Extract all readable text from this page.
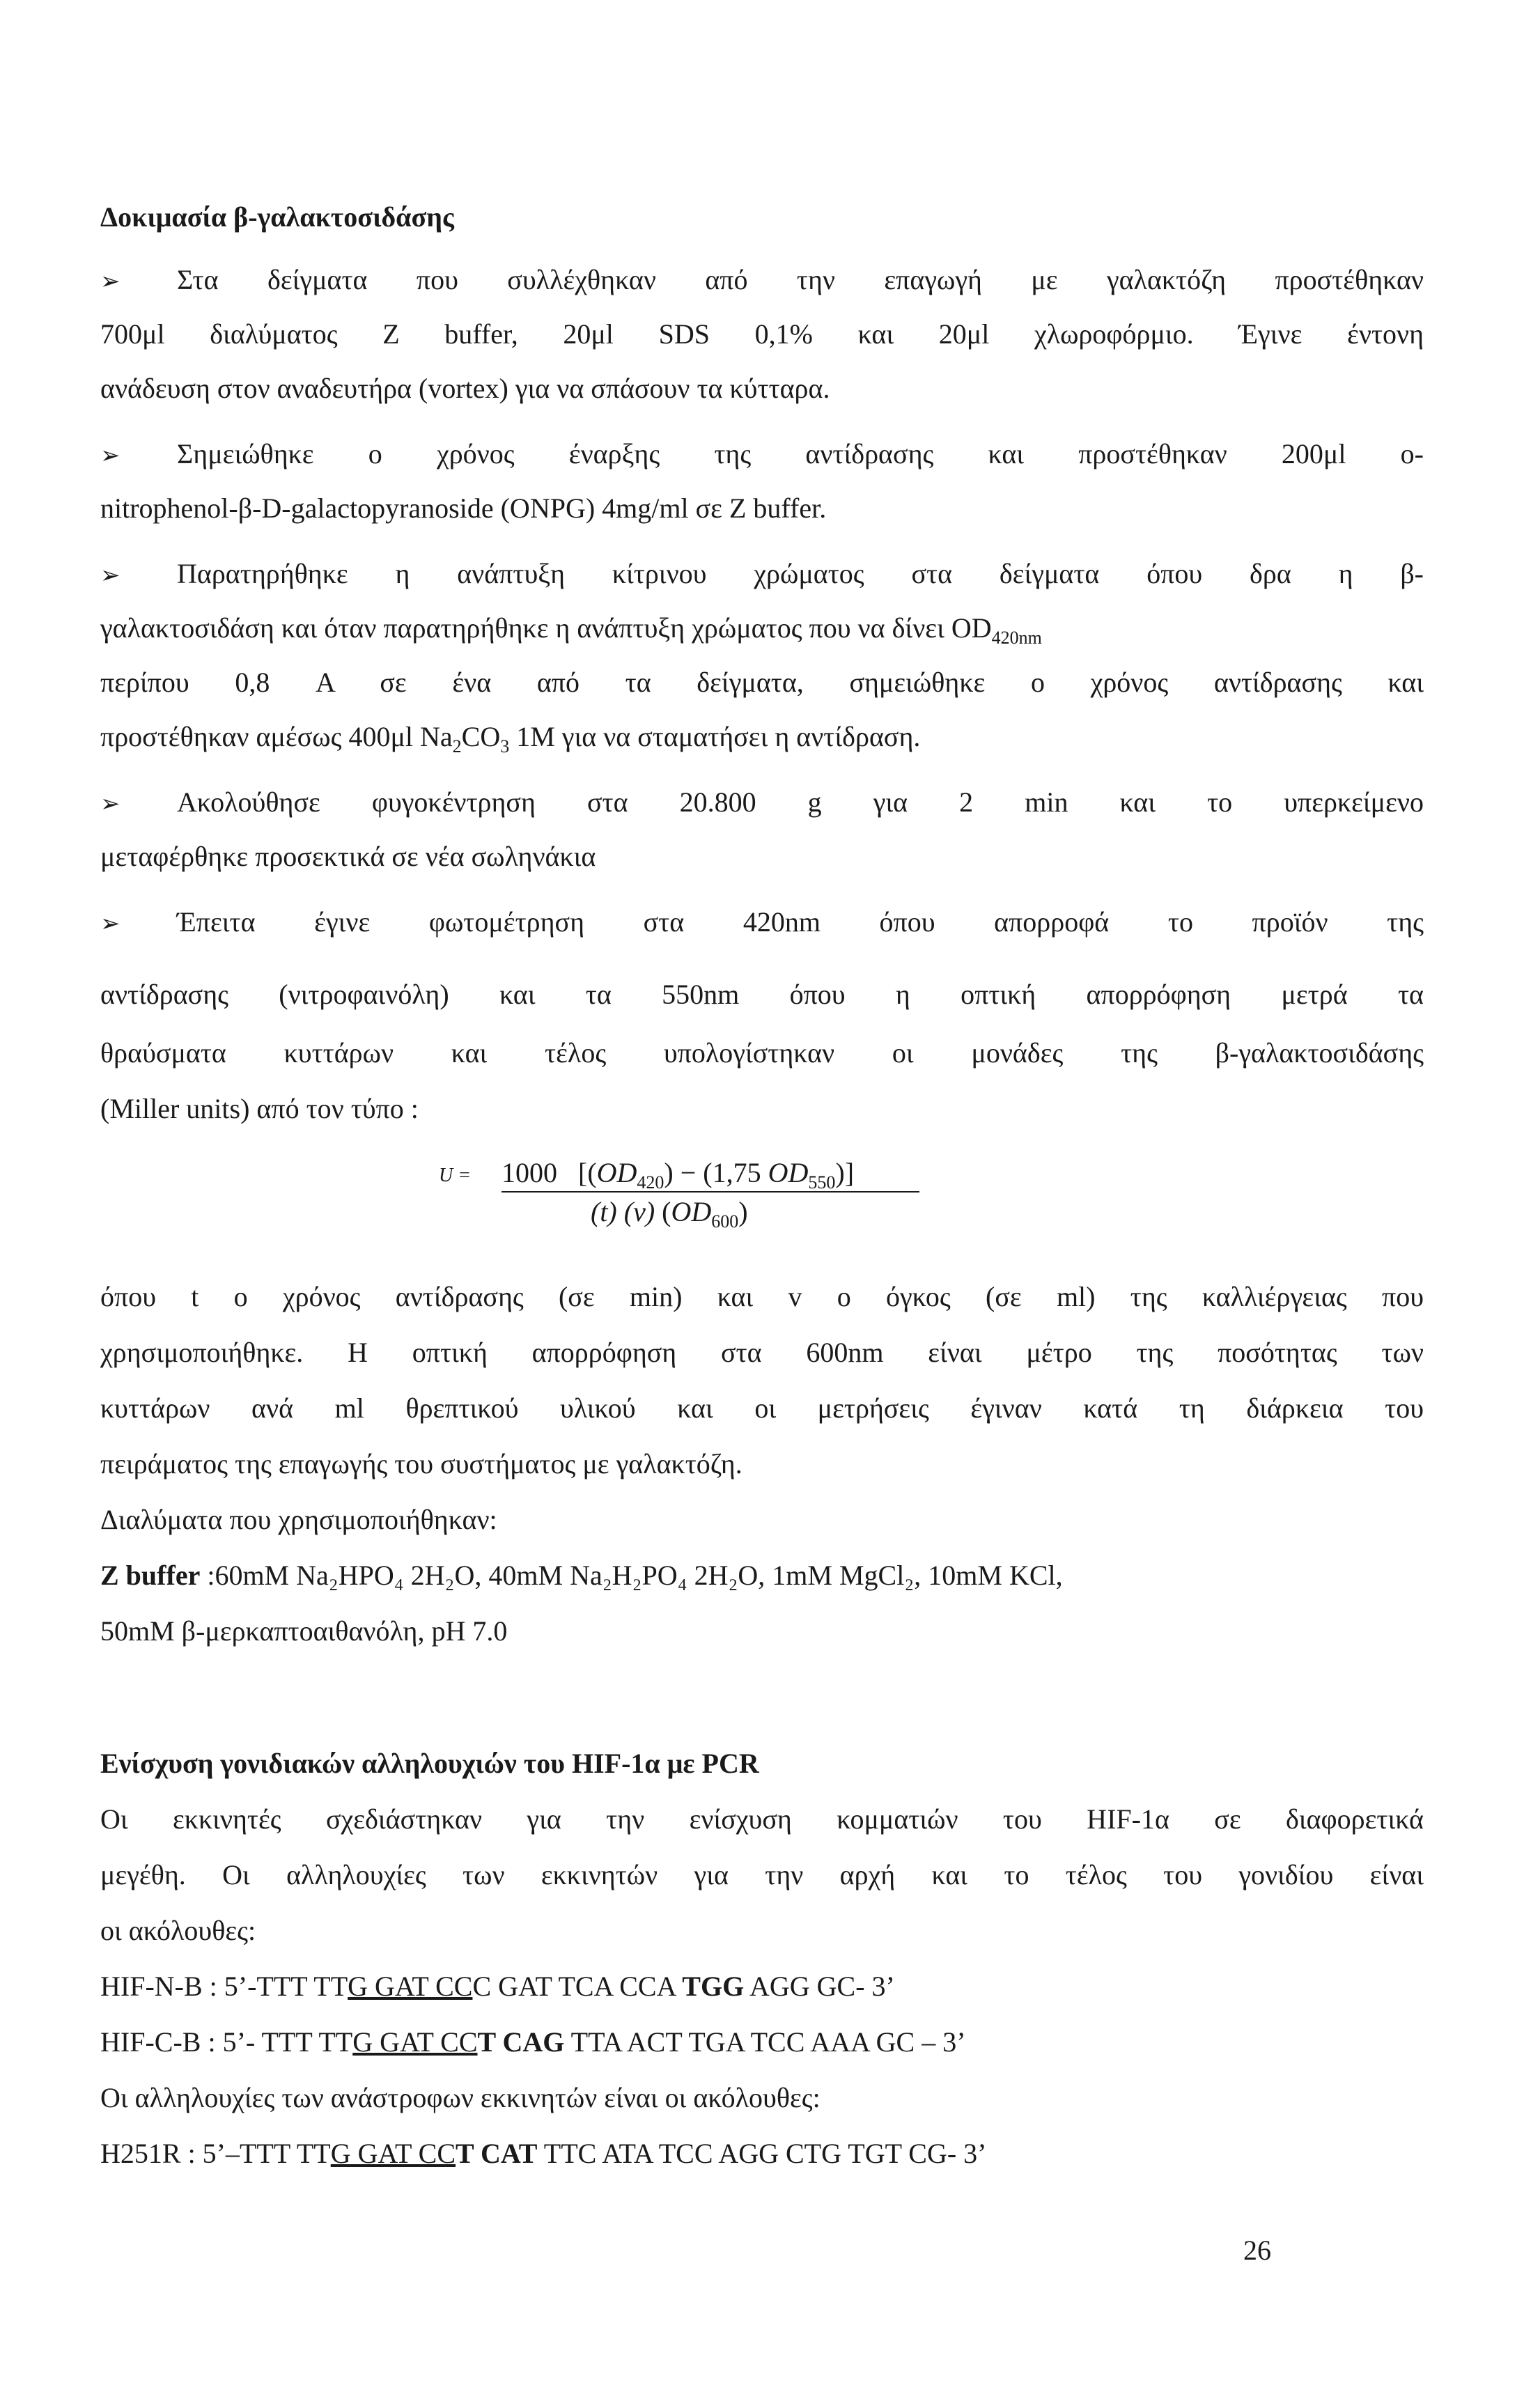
Δοκιμασία β-γαλακτοσιδάσης
➢ Στα δείγματα που συλλέχθηκαν από την επαγωγή με γαλακτόζη προστέθηκαν
700μl διαλύματος Z buffer, 20μl SDS 0,1% και 20μl χλωροφόρμιο. Έγινε έντονη
ανάδευση στον αναδευτήρα (vortex) για να σπάσουν τα κύτταρα.
➢ Σημειώθηκε ο χρόνος έναρξης της αντίδρασης και προστέθηκαν 200μl o-
nitrophenol-β-D-galactopyranoside (ONPG) 4mg/ml σε Z buffer.
➢ Παρατηρήθηκε η ανάπτυξη κίτρινου χρώματος στα δείγματα όπου δρα η β-
γαλακτοσιδάση και όταν παρατηρήθηκε η ανάπτυξη χρώματος που να δίνει $OD_{420nm}$
περίπου 0,8 A σε ένα από τα δείγματα, σημειώθηκε ο χρόνος αντίδρασης και
προστέθηκαν αμέσως 400μl $Na_2CO_3$ 1M για να σταματήσει η αντίδραση.
➢ Ακολούθησε φυγοκέντρηση στα 20.800 g για 2 min και το υπερκείμενο
μεταφέρθηκε προσεκτικά σε νέα σωληνάκια
➢ Έπειτα έγινε φωτομέτρηση στα 420nm όπου απορροφά το προϊόν της
αντίδρασης (νιτροφαινόλη) και τα 550nm όπου η οπτική απορρόφηση μετρά τα
θραύσματα κυττάρων και τέλος υπολογίστηκαν οι μονάδες της β-γαλακτοσιδάσης
(Miller units) από τον τύπο :
U = 1000   [$(OD_{420}) - (1,75$ $OD_{550}$)]
(t) (v) $(OD_{600})$
όπου t ο χρόνος αντίδρασης (σε min) και v ο όγκος (σε ml) της καλλιέργειας που
χρησιμοποιήθηκε. Η οπτική απορρόφηση στα 600nm είναι μέτρο της ποσότητας των
κυττάρων ανά ml θρεπτικού υλικού και οι μετρήσεις έγιναν κατά τη διάρκεια του
πειράματος της επαγωγής του συστήματος με γαλακτόζη.
Διαλύματα που χρησιμοποιήθηκαν:
Z buffer :60mM Na₂HPO₄ 2H₂O, 40mM Na₂H₂PO₄ 2H₂O, 1mM MgCl₂, 10mM KCl,
50mM β-μερκαπτοαιθανόλη, pH 7.0
Ενίσχυση γονιδιακών αλληλουχιών του HIF-1α με PCR
Οι εκκινητές σχεδιάστηκαν για την ενίσχυση κομματιών του HIF-1α σε διαφορετικά
μεγέθη. Οι αλληλουχίες των εκκινητών για την αρχή και το τέλος του γονιδίου είναι
οι ακόλουθες:
HIF-N-B : 5’-TTT TTG GAT CCC GAT TCA CCA TGG AGG GC- 3’
HIF-C-B : 5’- TTT TTG GAT CCT CAG TTA ACT TGA TCC AAA GC – 3’
Οι αλληλουχίες των ανάστροφων εκκινητών είναι οι ακόλουθες:
H251R : 5’–TTT TTG GAT CCT CAT TTC ATA TCC AGG CTG TGT CG- 3’
26
